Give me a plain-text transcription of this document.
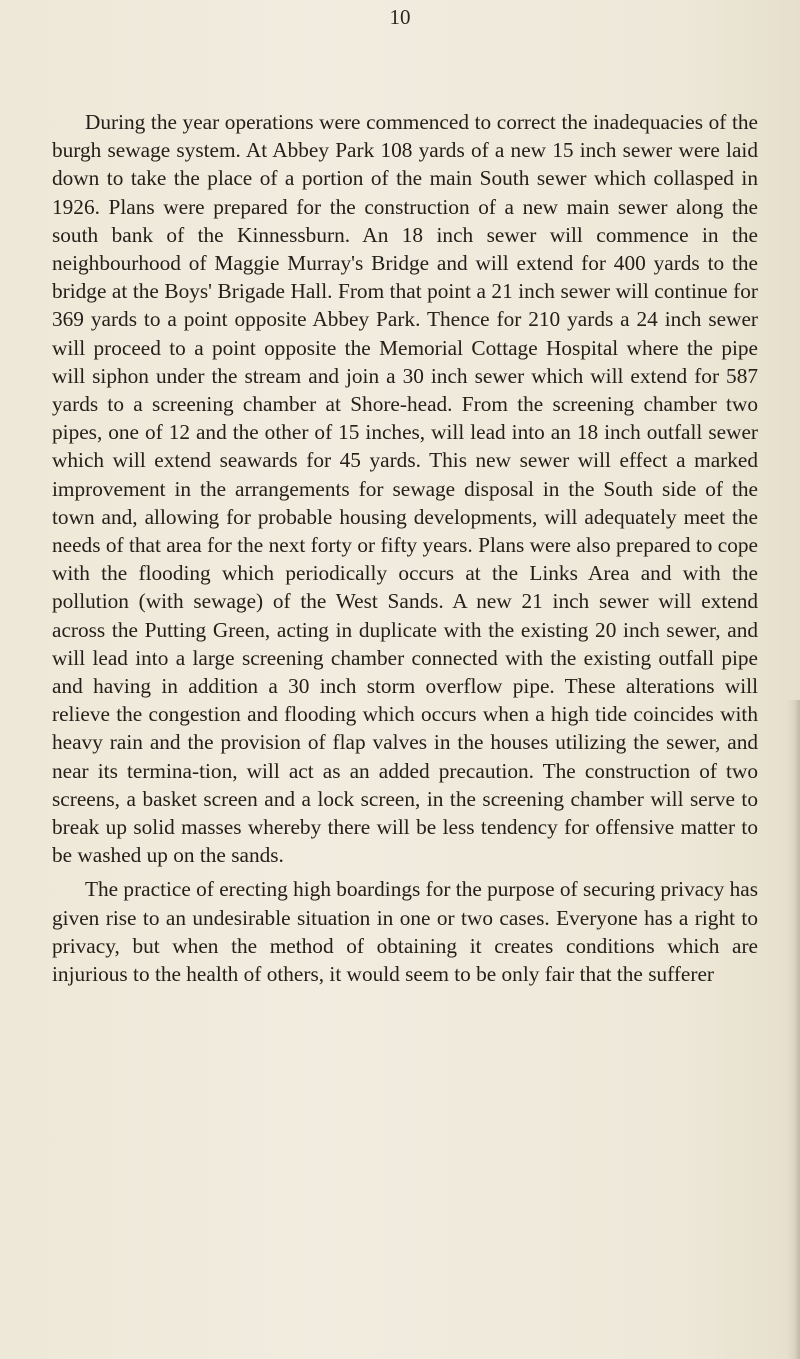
10

During the year operations were commenced to correct the inadequacies of the burgh sewage system. At Abbey Park 108 yards of a new 15 inch sewer were laid down to take the place of a portion of the main South sewer which collasped in 1926. Plans were prepared for the construction of a new main sewer along the south bank of the Kinnessburn. An 18 inch sewer will commence in the neighbourhood of Maggie Murray's Bridge and will extend for 400 yards to the bridge at the Boys' Brigade Hall. From that point a 21 inch sewer will continue for 369 yards to a point opposite Abbey Park. Thence for 210 yards a 24 inch sewer will proceed to a point opposite the Memorial Cottage Hospital where the pipe will siphon under the stream and join a 30 inch sewer which will extend for 587 yards to a screening chamber at Shore-head. From the screening chamber two pipes, one of 12 and the other of 15 inches, will lead into an 18 inch outfall sewer which will extend seawards for 45 yards. This new sewer will effect a marked improvement in the arrangements for sewage disposal in the South side of the town and, allowing for probable housing developments, will adequately meet the needs of that area for the next forty or fifty years. Plans were also prepared to cope with the flooding which periodically occurs at the Links Area and with the pollution (with sewage) of the West Sands. A new 21 inch sewer will extend across the Putting Green, acting in duplicate with the existing 20 inch sewer, and will lead into a large screening chamber connected with the existing outfall pipe and having in addition a 30 inch storm overflow pipe. These alterations will relieve the congestion and flooding which occurs when a high tide coincides with heavy rain and the provision of flap valves in the houses utilizing the sewer, and near its termina-tion, will act as an added precaution. The construction of two screens, a basket screen and a lock screen, in the screening chamber will serve to break up solid masses whereby there will be less tendency for offensive matter to be washed up on the sands.

The practice of erecting high boardings for the purpose of securing privacy has given rise to an undesirable situation in one or two cases. Everyone has a right to privacy, but when the method of obtaining it creates conditions which are injurious to the health of others, it would seem to be only fair that the sufferer
